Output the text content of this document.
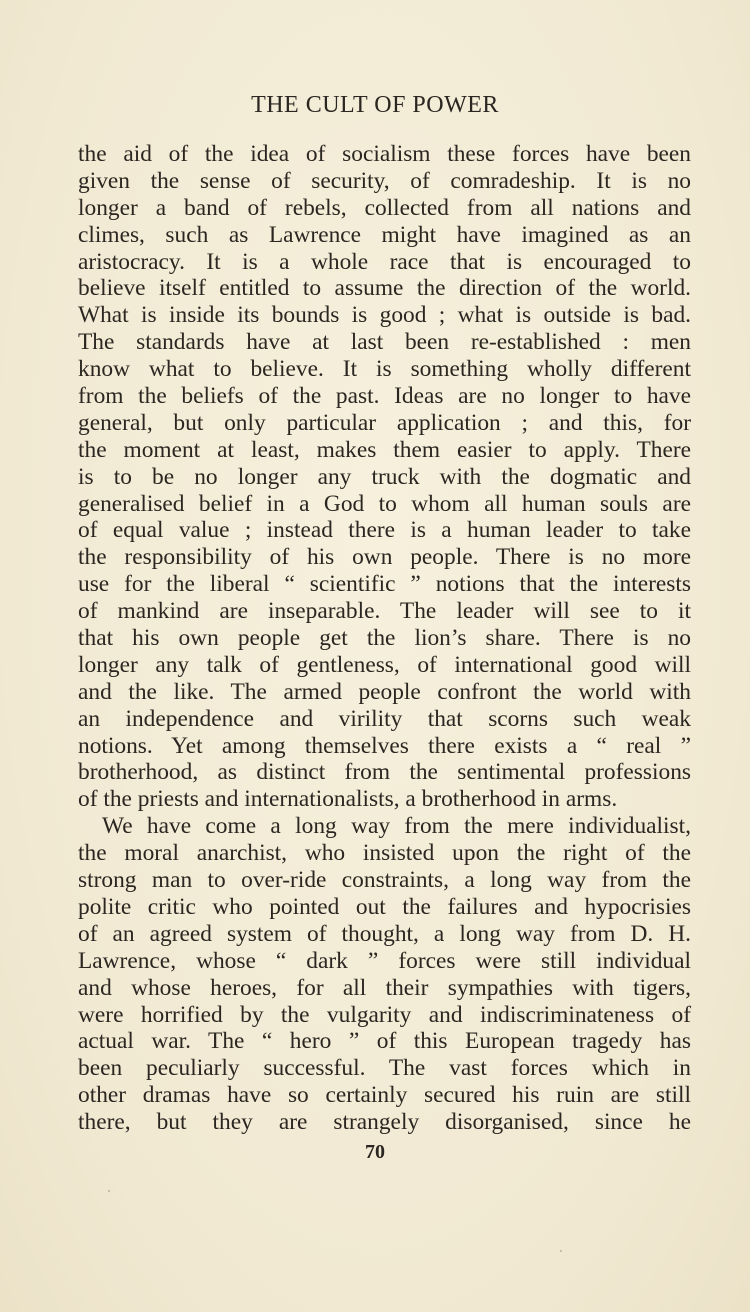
THE CULT OF POWER
the aid of the idea of socialism these forces have been
given the sense of security, of comradeship. It is no
longer a band of rebels, collected from all nations and
climes, such as Lawrence might have imagined as an
aristocracy. It is a whole race that is encouraged to
believe itself entitled to assume the direction of the world.
What is inside its bounds is good ; what is outside is bad.
The standards have at last been re-established : men
know what to believe. It is something wholly different
from the beliefs of the past. Ideas are no longer to have
general, but only particular application ; and this, for
the moment at least, makes them easier to apply. There
is to be no longer any truck with the dogmatic and
generalised belief in a God to whom all human souls are
of equal value ; instead there is a human leader to take
the responsibility of his own people. There is no more
use for the liberal “ scientific ” notions that the interests
of mankind are inseparable. The leader will see to it
that his own people get the lion’s share. There is no
longer any talk of gentleness, of international good will
and the like. The armed people confront the world with
an independence and virility that scorns such weak
notions. Yet among themselves there exists a “ real ”
brotherhood, as distinct from the sentimental professions
of the priests and internationalists, a brotherhood in arms.
We have come a long way from the mere individualist,
the moral anarchist, who insisted upon the right of the
strong man to over-ride constraints, a long way from the
polite critic who pointed out the failures and hypocrisies
of an agreed system of thought, a long way from D. H.
Lawrence, whose “ dark ” forces were still individual
and whose heroes, for all their sympathies with tigers,
were horrified by the vulgarity and indiscriminateness of
actual war. The “ hero ” of this European tragedy has
been peculiarly successful. The vast forces which in
other dramas have so certainly secured his ruin are still
there, but they are strangely disorganised, since he
70
